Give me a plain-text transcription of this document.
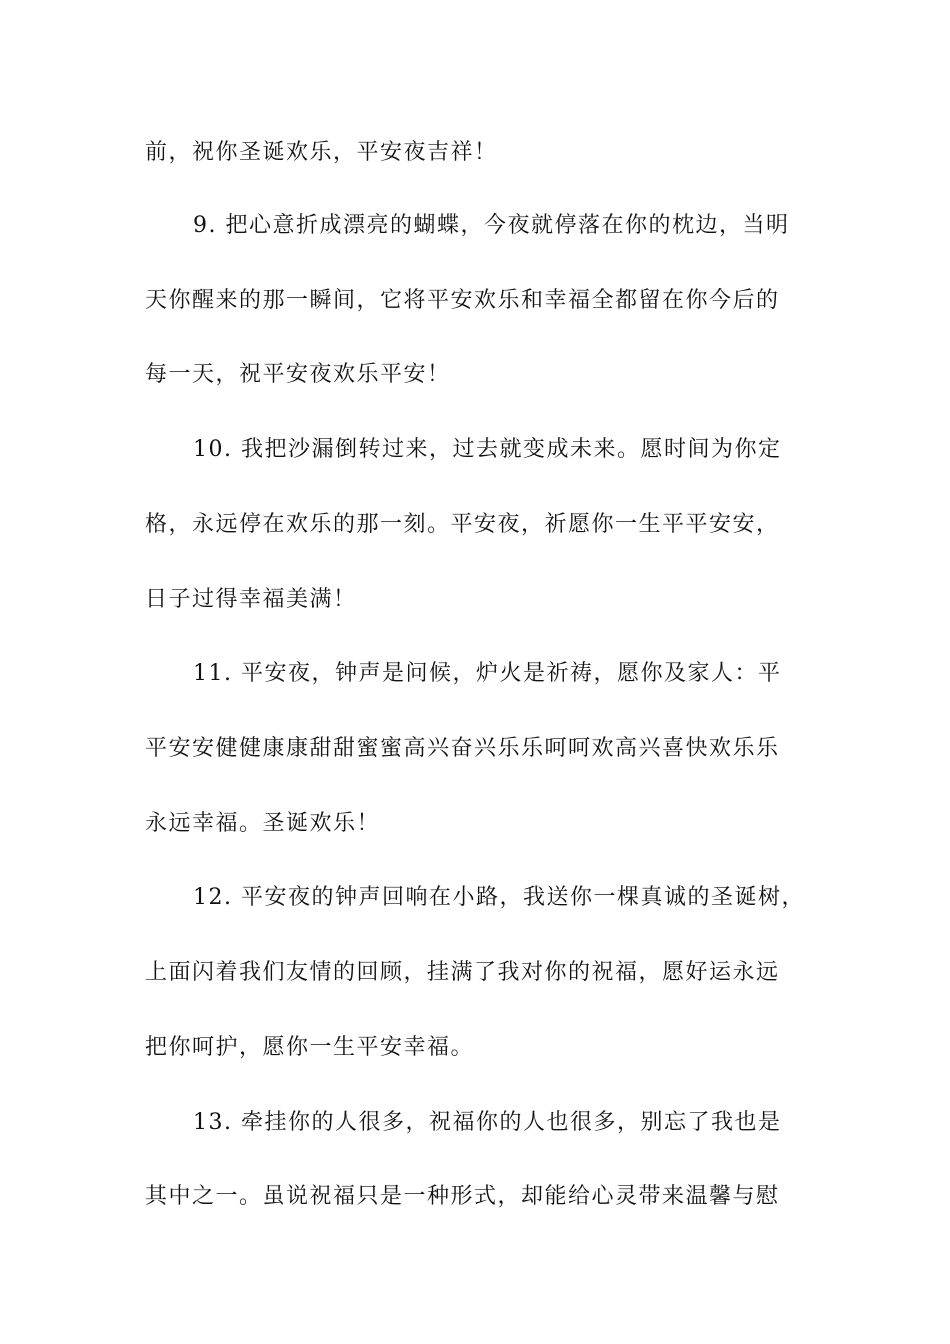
前，祝你圣诞欢乐，平安夜吉祥！
9. 把心意折成漂亮的蝴蝶，今夜就停落在你的枕边，当明
天你醒来的那一瞬间，它将平安欢乐和幸福全都留在你今后的
每一天，祝平安夜欢乐平安！
10. 我把沙漏倒转过来，过去就变成未来。愿时间为你定
格，永远停在欢乐的那一刻。平安夜，祈愿你一生平平安安，
日子过得幸福美满！
11. 平安夜，钟声是问候，炉火是祈祷，愿你及家人：平
平安安健健康康甜甜蜜蜜高兴奋兴乐乐呵呵欢高兴喜快欢乐乐
永远幸福。圣诞欢乐！
12. 平安夜的钟声回响在小路，我送你一棵真诚的圣诞树，
上面闪着我们友情的回顾，挂满了我对你的祝福，愿好运永远
把你呵护，愿你一生平安幸福。
13. 牵挂你的人很多，祝福你的人也很多，别忘了我也是
其中之一。虽说祝福只是一种形式，却能给心灵带来温馨与慰
